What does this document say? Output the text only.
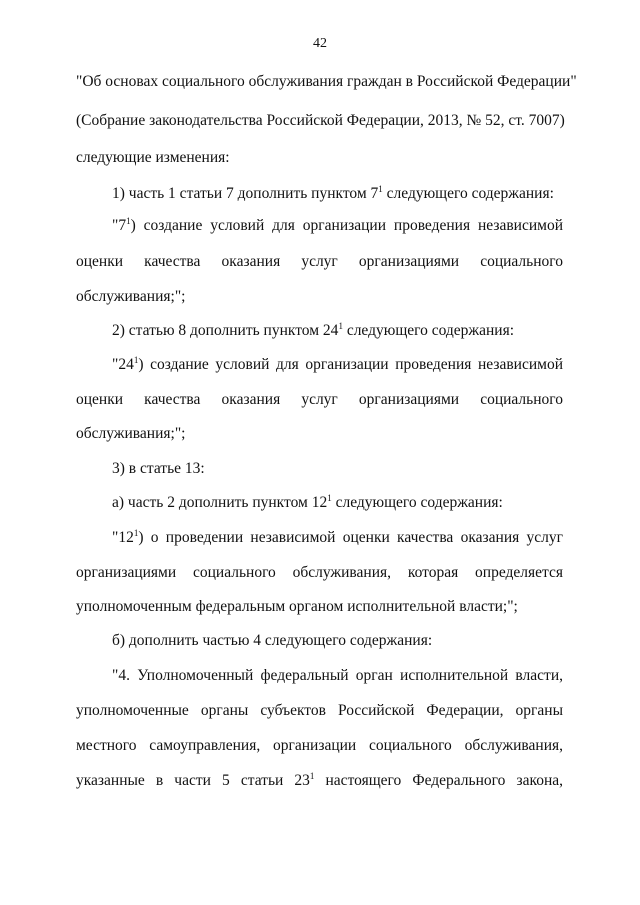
42
"Об основах социального обслуживания граждан в Российской Федерации"
(Собрание законодательства Российской Федерации, 2013, № 52, ст. 7007)
следующие изменения:
1) часть 1 статьи 7 дополнить пунктом $7^1$ следующего содержания:
"$7^1$) создание условий для организации проведения независимой
оценки качества оказания услуг организациями социального
обслуживания;";
2) статью 8 дополнить пунктом $24^1$ следующего содержания:
"$24^1$) создание условий для организации проведения независимой
оценки качества оказания услуг организациями социального
обслуживания;";
3) в статье 13:
а) часть 2 дополнить пунктом $12^1$ следующего содержания:
"$12^1$) о проведении независимой оценки качества оказания услуг
организациями социального обслуживания, которая определяется
уполномоченным федеральным органом исполнительной власти;";
б) дополнить частью 4 следующего содержания:
"4. Уполномоченный федеральный орган исполнительной власти,
уполномоченные органы субъектов Российской Федерации, органы
местного самоуправления, организации социального обслуживания,
указанные в части 5 статьи $23^1$ настоящего Федерального закона,
